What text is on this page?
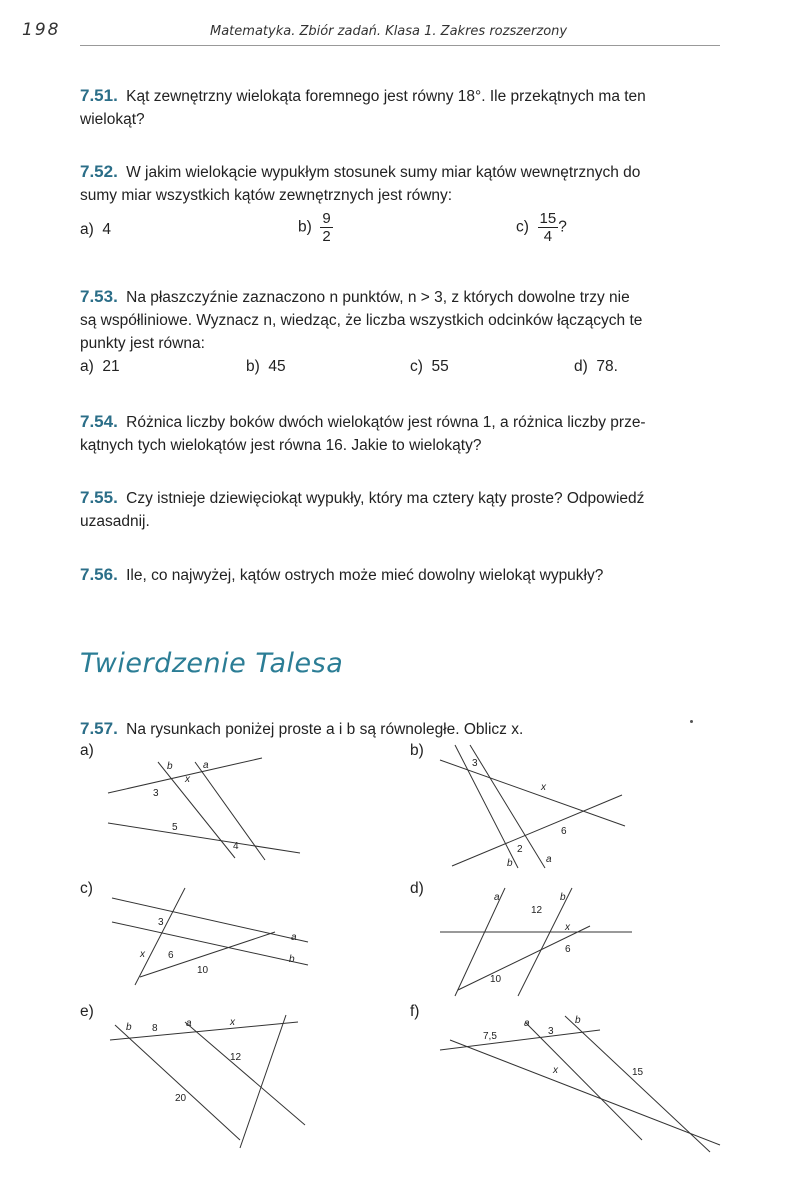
198	Matematyka. Zbiór zadań. Klasa 1. Zakres rozszerzony
7.51. Kąt zewnętrzny wielokąta foremnego jest równy 18°. Ile przekątnych ma ten
wielokąt?
7.52. W jakim wielokącie wypukłym stosunek sumy miar kątów wewnętrznych do
sumy miar wszystkich kątów zewnętrznych jest równy:
a) 4	$b) \frac{9}{2}$	$c) \frac{15}{4}$ ?
7.53. Na płaszczyźnie zaznaczono n punktów, n > 3, z których dowolne trzy nie
są współliniowe. Wyznacz n, wiedząc, że liczba wszystkich odcinków łączących te
punkty jest równa:
a) 21	b) 45	c) 55	d) 78.
7.54. Różnica liczby boków dwóch wielokątów jest równa 1, a różnica liczby prze-
kątnych tych wielokątów jest równa 16. Jakie to wielokąty?
7.55. Czy istnieje dziewięciokąt wypukły, który ma cztery kąty proste? Odpowiedź
uzasadnij.
7.56. Ile, co najwyżej, kątów ostrych może mieć dowolny wielokąt wypukły?
Twierdzenie Talesa
7.57. Na rysunkach poniżej proste a i b są równoległe. Oblicz x.
a)	b)
c)	d)
e)	f)
b	a
x
3
5
4
3
x
6
2
b	a
3
a
x 6	b
10
a	b
12
x
6
10
b 8	a	x
12
20
7,5
a
3
b
x	15
